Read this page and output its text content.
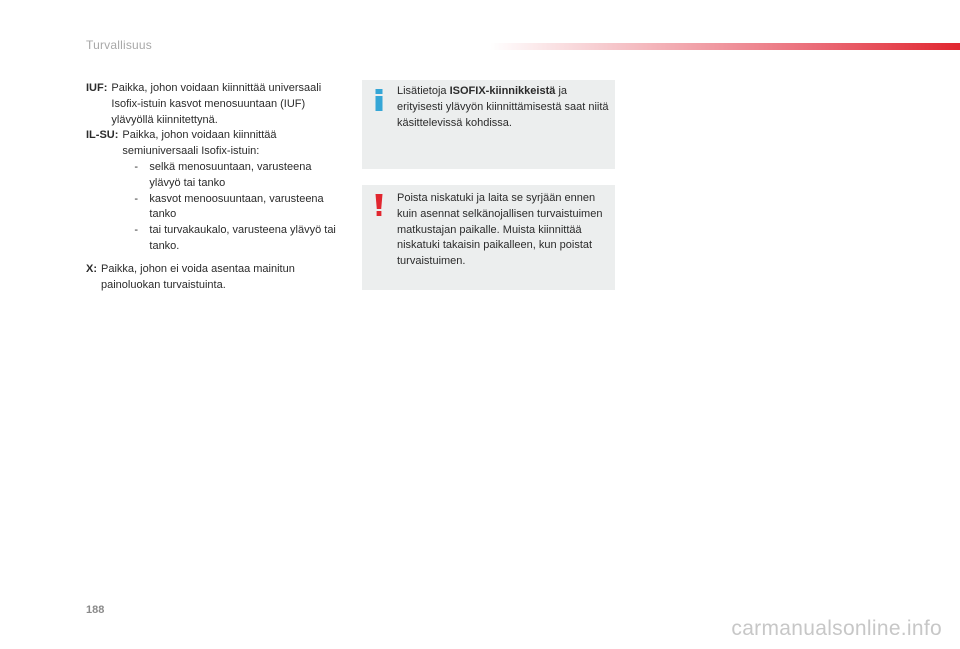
Turvallisuus
IUF: Paikka, johon voidaan kiinnittää universaali Isofix-istuin kasvot menosuuntaan (IUF) ylävyöllä kiinnitettynä.
IL-SU: Paikka, johon voidaan kiinnittää semiuniversaali Isofix-istuin:
-	selkä menosuuntaan, varusteena ylävyö tai tanko
-	kasvot menoosuuntaan, varusteena tanko
-	tai turvakaukalo, varusteena ylävyö tai tanko.
X: Paikka, johon ei voida asentaa mainitun painoluokan turvaistuinta.
Lisätietoja ISOFIX-kiinnikkeistä ja erityisesti ylävyön kiinnittämisestä saat niitä käsittelevissä kohdissa.
Poista niskatuki ja laita se syrjään ennen kuin asennat selkänojallisen turvaistuimen matkustajan paikalle. Muista kiinnittää niskatuki takaisin paikalleen, kun poistat turvaistuimen.
188
carmanualsonline.info
